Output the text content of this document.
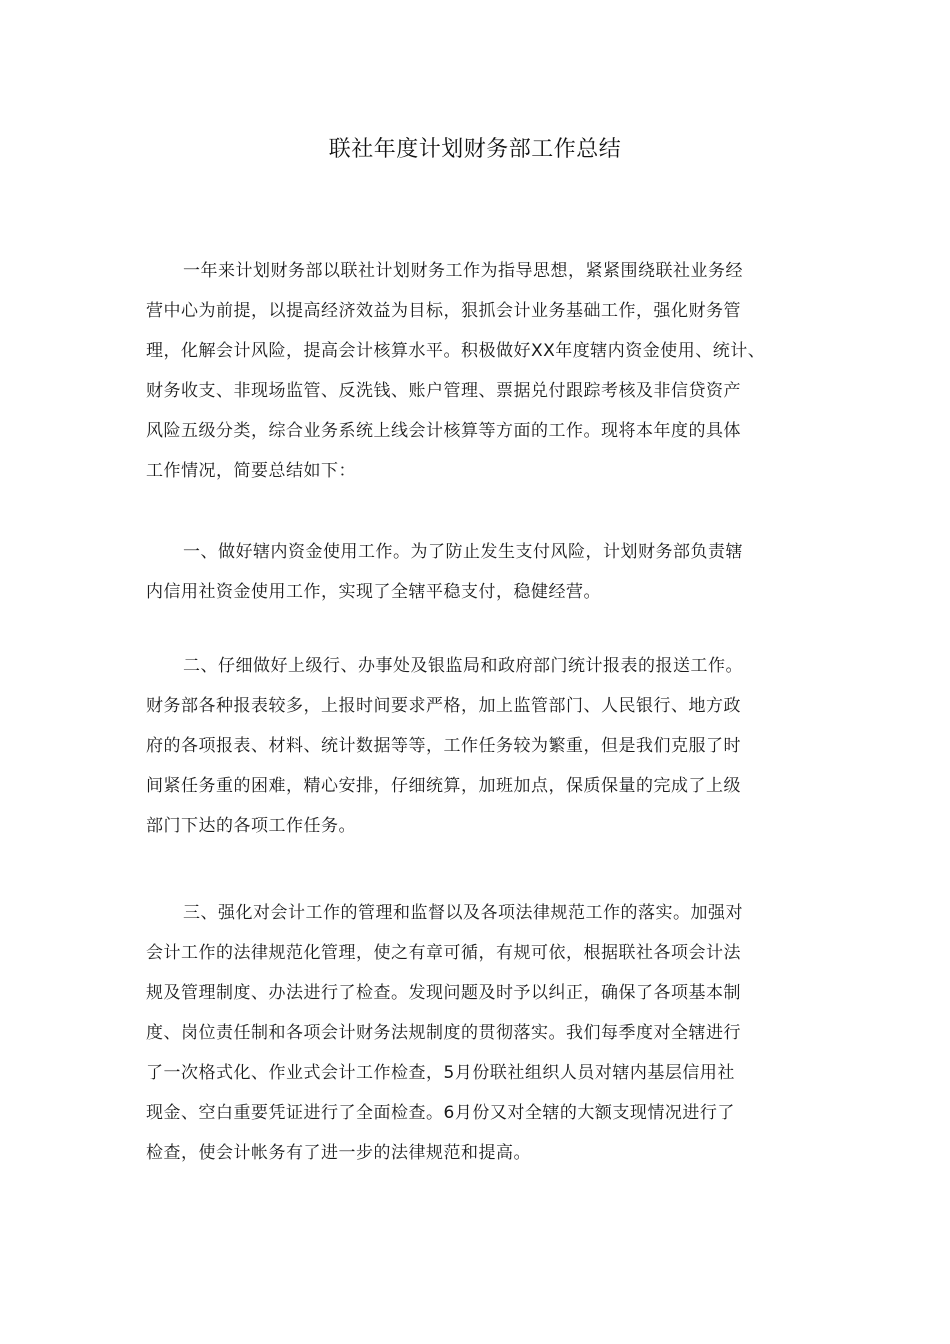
联社年度计划财务部工作总结
一年来计划财务部以联社计划财务工作为指导思想，紧紧围绕联社业务经
营中心为前提，以提高经济效益为目标，狠抓会计业务基础工作，强化财务管
理，化解会计风险，提高会计核算水平。积极做好XX年度辖内资金使用、统计、
财务收支、非现场监管、反洗钱、账户管理、票据兑付跟踪考核及非信贷资产
风险五级分类，综合业务系统上线会计核算等方面的工作。现将本年度的具体
工作情况，简要总结如下：
一、做好辖内资金使用工作。为了防止发生支付风险，计划财务部负责辖
内信用社资金使用工作，实现了全辖平稳支付，稳健经营。
二、仔细做好上级行、办事处及银监局和政府部门统计报表的报送工作。
财务部各种报表较多，上报时间要求严格，加上监管部门、人民银行、地方政
府的各项报表、材料、统计数据等等，工作任务较为繁重，但是我们克服了时
间紧任务重的困难，精心安排，仔细统算，加班加点，保质保量的完成了上级
部门下达的各项工作任务。
三、强化对会计工作的管理和监督以及各项法律规范工作的落实。加强对
会计工作的法律规范化管理，使之有章可循，有规可依，根据联社各项会计法
规及管理制度、办法进行了检查。发现问题及时予以纠正，确保了各项基本制
度、岗位责任制和各项会计财务法规制度的贯彻落实。我们每季度对全辖进行
了一次格式化、作业式会计工作检查，5月份联社组织人员对辖内基层信用社
现金、空白重要凭证进行了全面检查。6月份又对全辖的大额支现情况进行了
检查，使会计帐务有了进一步的法律规范和提高。
